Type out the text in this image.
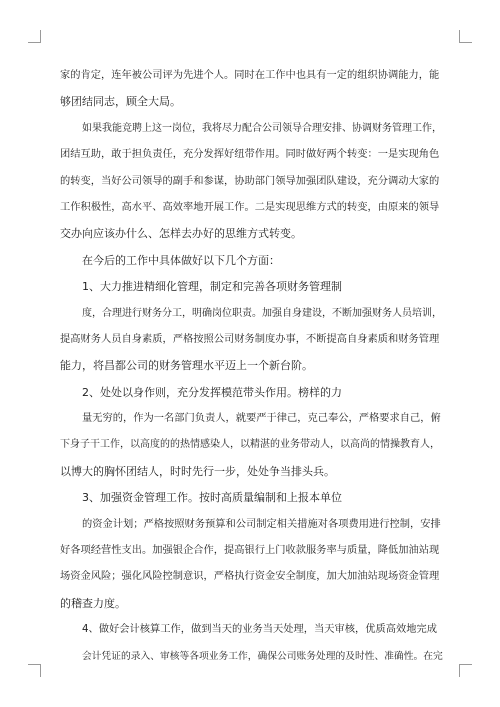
家的肯定，连年被公司评为先进个人。同时在工作中也具有一定的组织协调能力，能
够团结同志，顾全大局。
如果我能竞聘上这一岗位，我将尽力配合公司领导合理安排、协调财务管理工作，
团结互助，敢于担负责任，充分发挥好纽带作用。同时做好两个转变：一是实现角色
的转变，当好公司领导的副手和参谋，协助部门领导加强团队建设，充分调动大家的
工作积极性，高水平、高效率地开展工作。二是实现思维方式的转变，由原来的领导
交办向应该办什么、怎样去办好的思维方式转变。
在今后的工作中具体做好以下几个方面：
1、大力推进精细化管理，制定和完善各项财务管理制
度，合理进行财务分工，明确岗位职责。加强自身建设，不断加强财务人员培训，
提高财务人员自身素质，严格按照公司财务制度办事，不断提高自身素质和财务管理
能力，将昌都公司的财务管理水平迈上一个新台阶。
2、处处以身作则，充分发挥模范带头作用。榜样的力
量无穷的，作为一名部门负责人，就要严于律己，克己奉公，严格要求自己，俯
下身子干工作，以高度的的热情感染人，以精湛的业务带动人，以高尚的情操教育人，
以博大的胸怀团结人，时时先行一步，处处争当排头兵。
3、加强资金管理工作。按时高质量编制和上报本单位
的资金计划；严格按照财务预算和公司制定相关措施对各项费用进行控制，安排
好各项经营性支出。加强银企合作，提高银行上门收款服务率与质量，降低加油站现
场资金风险；强化风险控制意识，严格执行资金安全制度，加大加油站现场资金管理
的稽查力度。
4、做好会计核算工作，做到当天的业务当天处理，当天审核，优质高效地完成
会计凭证的录入、审核等各项业务工作，确保公司账务处理的及时性、准确性。在完
